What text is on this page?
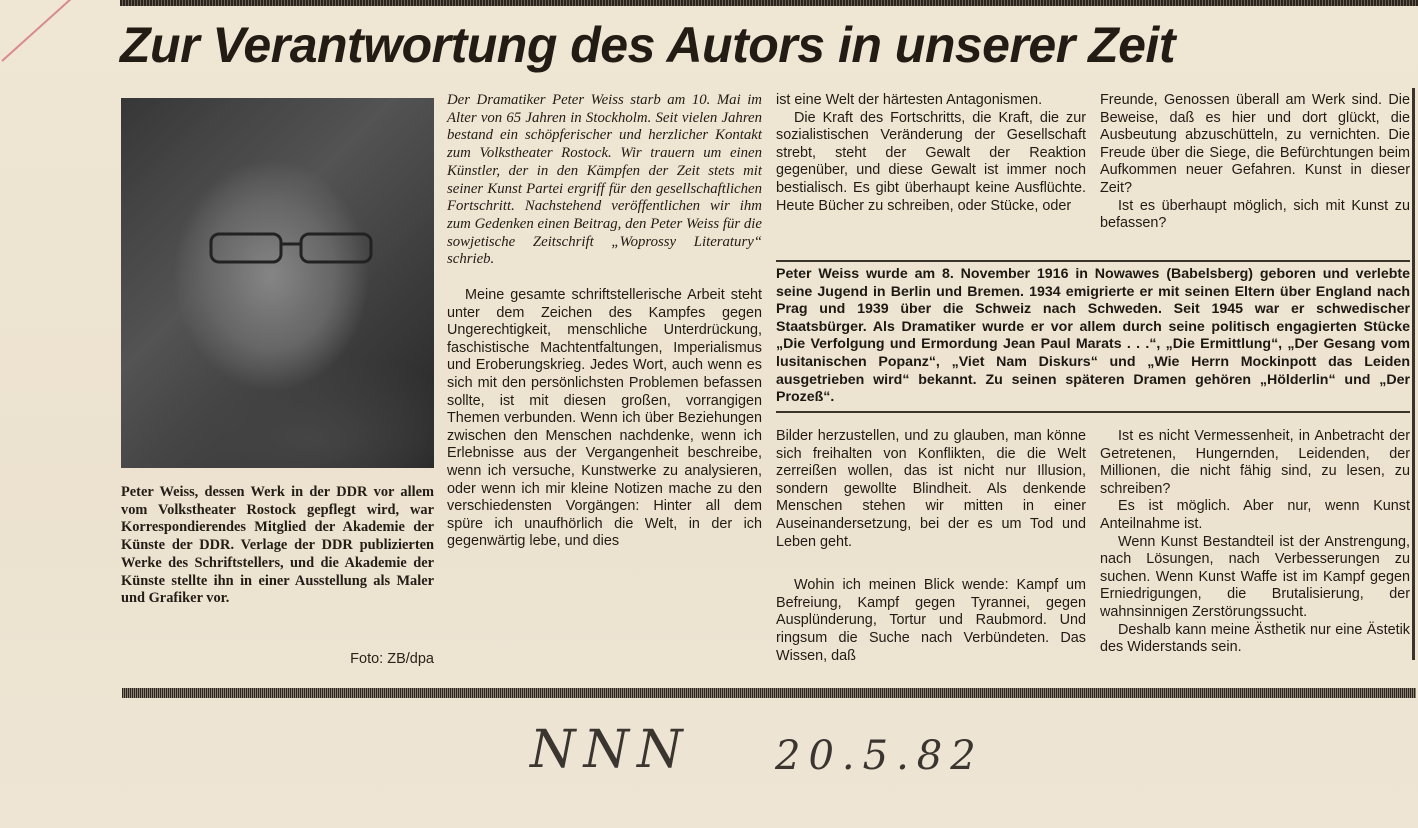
Zur Verantwortung des Autors in unserer Zeit

Peter Weiss, dessen Werk in der DDR vor allem vom Volkstheater Rostock gepflegt wird, war Korrespondierendes Mitglied der Akademie der Künste der DDR. Verlage der DDR publizierten Werke des Schriftstellers, und die Akademie der Künste stellte ihn in einer Ausstellung als Maler und Grafiker vor.

Foto: ZB/dpa

Der Dramatiker Peter Weiss starb am 10. Mai im Alter von 65 Jahren in Stockholm. Seit vielen Jahren bestand ein schöpferischer und herzlicher Kontakt zum Volkstheater Rostock. Wir trauern um einen Künstler, der in den Kämpfen der Zeit stets mit seiner Kunst Partei ergriff für den gesellschaftlichen Fortschritt. Nachstehend veröffentlichen wir ihm zum Gedenken einen Beitrag, den Peter Weiss für die sowjetische Zeitschrift „Woprossy Literatury“ schrieb.

Meine gesamte schriftstellerische Arbeit steht unter dem Zeichen des Kampfes gegen Ungerechtigkeit, menschliche Unterdrückung, faschistische Machtentfaltungen, Imperialismus und Eroberungskrieg. Jedes Wort, auch wenn es sich mit den persönlichsten Problemen befassen sollte, ist mit diesen großen, vorrangigen Themen verbunden. Wenn ich über Beziehungen zwischen den Menschen nachdenke, wenn ich Erlebnisse aus der Vergangenheit beschreibe, wenn ich versuche, Kunstwerke zu analysieren, oder wenn ich mir kleine Notizen mache zu den verschiedensten Vorgängen: Hinter all dem spüre ich unaufhörlich die Welt, in der ich gegenwärtig lebe, und dies

ist eine Welt der härtesten Antagonismen.

Die Kraft des Fortschritts, die Kraft, die zur sozialistischen Veränderung der Gesellschaft strebt, steht der Gewalt der Reaktion gegenüber, und diese Gewalt ist immer noch bestialisch. Es gibt überhaupt keine Ausflüchte. Heute Bücher zu schreiben, oder Stücke, oder

Freunde, Genossen überall am Werk sind. Die Beweise, daß es hier und dort glückt, die Ausbeutung abzuschütteln, zu vernichten. Die Freude über die Siege, die Befürchtungen beim Aufkommen neuer Gefahren. Kunst in dieser Zeit?

Ist es überhaupt möglich, sich mit Kunst zu befassen?

Peter Weiss wurde am 8. November 1916 in Nowawes (Babelsberg) geboren und verlebte seine Jugend in Berlin und Bremen. 1934 emigrierte er mit seinen Eltern über England nach Prag und 1939 über die Schweiz nach Schweden. Seit 1945 war er schwedischer Staatsbürger. Als Dramatiker wurde er vor allem durch seine politisch engagierten Stücke „Die Verfolgung und Ermordung Jean Paul Marats . . .“, „Die Ermittlung“, „Der Gesang vom lusitanischen Popanz“, „Viet Nam Diskurs“ und „Wie Herrn Mockinpott das Leiden ausgetrieben wird“ bekannt. Zu seinen späteren Dramen gehören „Hölderlin“ und „Der Prozeß“.

Bilder herzustellen, und zu glauben, man könne sich freihalten von Konflikten, die die Welt zerreißen wollen, das ist nicht nur Illusion, sondern gewollte Blindheit. Als denkende Menschen stehen wir mitten in einer Auseinandersetzung, bei der es um Tod und Leben geht.

Wohin ich meinen Blick wende: Kampf um Befreiung, Kampf gegen Tyrannei, gegen Ausplünderung, Tortur und Raubmord. Und ringsum die Suche nach Verbündeten. Das Wissen, daß

Ist es nicht Vermessenheit, in Anbetracht der Getretenen, Hungernden, Leidenden, der Millionen, die nicht fähig sind, zu lesen, zu schreiben?

Es ist möglich. Aber nur, wenn Kunst Anteilnahme ist.

Wenn Kunst Bestandteil ist der Anstrengung, nach Lösungen, nach Verbesserungen zu suchen. Wenn Kunst Waffe ist im Kampf gegen Erniedrigungen, die Brutalisierung, der wahnsinnigen Zerstörungssucht.

Deshalb kann meine Ästhetik nur eine Ästetik des Widerstands sein.

NNN 20.5.82
